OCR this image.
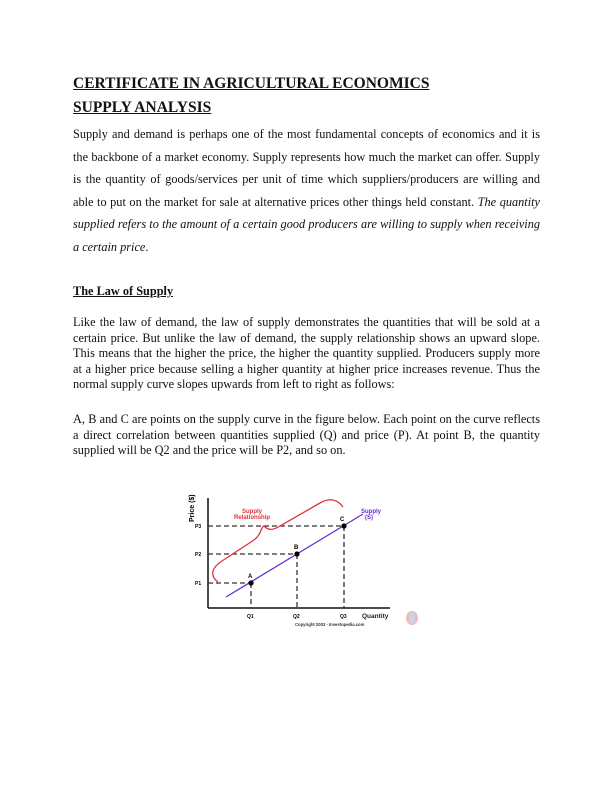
CERTIFICATE IN AGRICULTURAL ECONOMICS
SUPPLY ANALYSIS
Supply and demand is perhaps one of the most fundamental concepts of economics and it is the backbone of a market economy. Supply represents how much the market can offer. Supply is the quantity of goods/services per unit of time which suppliers/producers are willing and able to put on the market for sale at alternative prices other things held constant. The quantity supplied refers to the amount of a certain good producers are willing to supply when receiving a certain price.
The Law of Supply
Like the law of demand, the law of supply demonstrates the quantities that will be sold at a certain price. But unlike the law of demand, the supply relationship shows an upward slope. This means that the higher the price, the higher the quantity supplied. Producers supply more at a higher price because selling a higher quantity at higher price increases revenue. Thus the normal supply curve slopes upwards from left to right as follows:
A, B and C are points on the supply curve in the figure below. Each point on the curve reflects a direct correlation between quantities supplied (Q) and price (P). At point B, the quantity supplied will be Q2 and the price will be P2, and so on.
Price ($)
A
B
C
P3
P2
P1
Q1	Q2	Q3 Quantity
Supply
Relationship
Supply
(S)
Copyright 2003 - Investopedia.com
